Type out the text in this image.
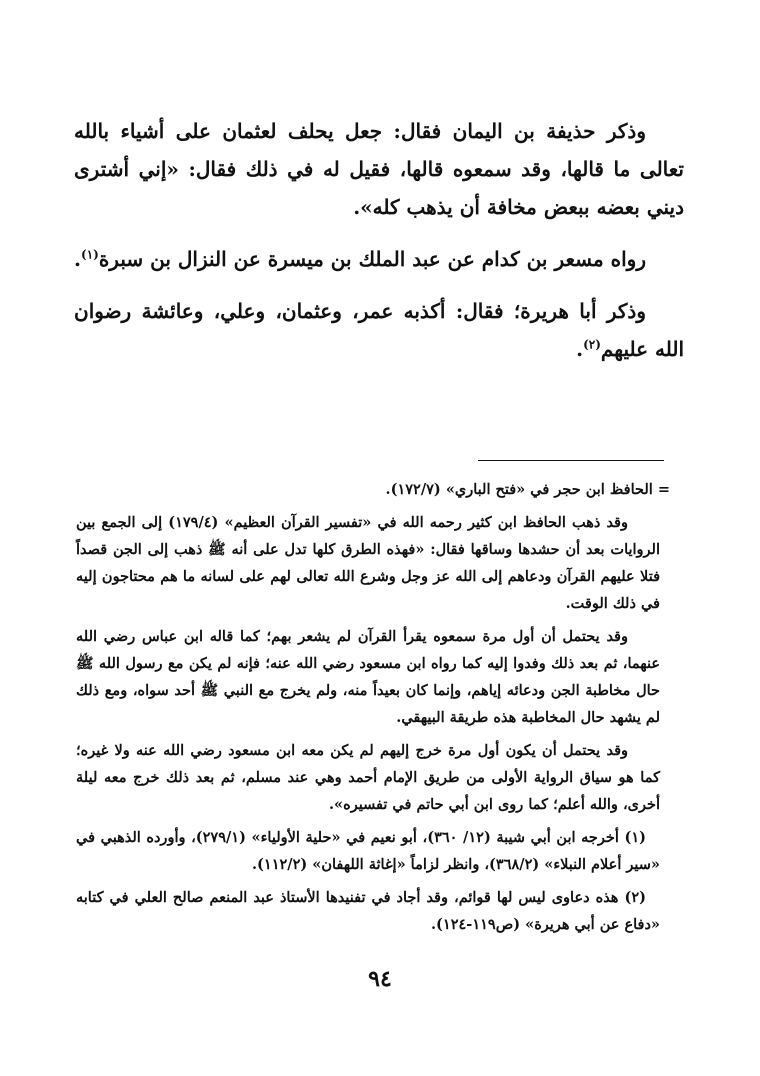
وذكر حذيفة بن اليمان فقال: جعل يحلف لعثمان على أشياء بالله تعالى ما قالها، وقد سمعوه قالها، فقيل له في ذلك فقال: «إني أشترى ديني بعضه ببعض مخافة أن يذهب كله».

رواه مسعر بن كدام عن عبد الملك بن ميسرة عن النزال بن سبرة$^{(١)}$.

وذكر أبا هريرة؛ فقال: أكذبه عمر، وعثمان، وعلي، وعائشة رضوان الله عليهم$^{(٢)}$.

= الحافظ ابن حجر في «فتح الباري» (١٧٢/٧).

وقد ذهب الحافظ ابن كثير رحمه الله في «تفسير القرآن العظيم» (١٧٩/٤) إلى الجمع بين الروايات بعد أن حشدها وساقها فقال: «فهذه الطرق كلها تدل على أنه ﷺ ذهب إلى الجن قصداً فتلا عليهم القرآن ودعاهم إلى الله عز وجل وشرع الله تعالى لهم على لسانه ما هم محتاجون إليه في ذلك الوقت.

وقد يحتمل أن أول مرة سمعوه يقرأ القرآن لم يشعر بهم؛ كما قاله ابن عباس رضي الله عنهما، ثم بعد ذلك وفدوا إليه كما رواه ابن مسعود رضي الله عنه؛ فإنه لم يكن مع رسول الله ﷺ حال مخاطبة الجن ودعائه إياهم، وإنما كان بعيداً منه، ولم يخرج مع النبي ﷺ أحد سواه، ومع ذلك لم يشهد حال المخاطبة هذه طريقة البيهقي.

وقد يحتمل أن يكون أول مرة خرج إليهم لم يكن معه ابن مسعود رضي الله عنه ولا غيره؛ كما هو سياق الرواية الأولى من طريق الإمام أحمد وهي عند مسلم، ثم بعد ذلك خرج معه ليلة أخرى، والله أعلم؛ كما روى ابن أبي حاتم في تفسيره».

(١) أخرجه ابن أبي شيبة (١٢/ ٣٦٠)، أبو نعيم في «حلية الأولياء» (٢٧٩/١)، وأورده الذهبي في «سير أعلام النبلاء» (٣٦٨/٢)، وانظر لزاماً «إغاثة اللهفان» (١١٢/٢).

(٢) هذه دعاوى ليس لها قوائم، وقد أجاد في تفنيدها الأستاذ عبد المنعم صالح العلي في كتابه «دفاع عن أبي هريرة» (ص١١٩-١٢٤).

٩٤
